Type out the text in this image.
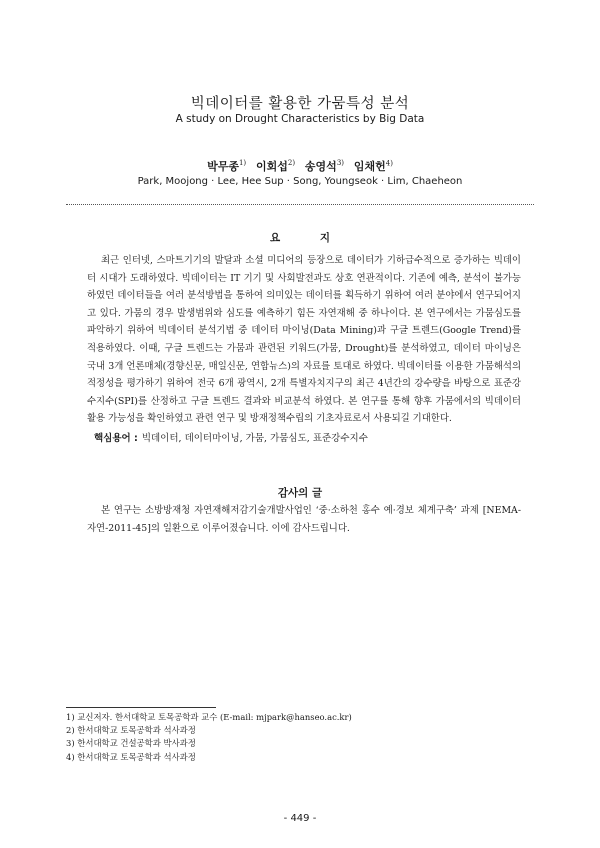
빅데이터를 활용한 가뭄특성 분석
A study on Drought Characteristics by Big Data
박무종$^{1)}$ 이회섭$^{2)}$ 송영석$^{3)}$ 임채헌$^{4)}$
Park, Moojong · Lee, Hee Sup · Song, Youngseok · Lim, Chaeheon
요 지

최근 인터넷, 스마트기기의 발달과 소셜 미디어의 등장으로 데이터가 기하급수적으로 증가하는 빅데이터 시대가 도래하였다. 빅데이터는 IT 기기 및 사회발전과도 상호 연관적이다. 기존에 예측, 분석이 불가능하였던 데이터들을 여러 분석방법을 통하여 의미있는 데이터를 획득하기 위하여 여러 분야에서 연구되어지고 있다. 가뭄의 경우 발생범위와 심도를 예측하기 힘든 자연재해 중 하나이다. 본 연구에서는 가뭄심도를 파악하기 위하여 빅데이터 분석기법 중 데이터 마이닝(Data Mining)과 구글 트렌드(Google Trend)를 적용하였다. 이때, 구글 트렌드는 가뭄과 관련된 키워드(가뭄, Drought)를 분석하였고, 데이터 마이닝은 국내 3개 언론매체(경향신문, 매일신문, 연합뉴스)의 자료를 토대로 하였다. 빅데이터를 이용한 가뭄해석의 적정성을 평가하기 위하여 전국 6개 광역시, 2개 특별자치지구의 최근 4년간의 강수량을 바탕으로 표준강수지수(SPI)를 산정하고 구글 트렌드 결과와 비교분석 하였다. 본 연구를 통해 향후 가뭄에서의 빅데이터 활용 가능성을 확인하였고 관련 연구 및 방재정책수립의 기초자료로서 사용되길 기대한다.

핵심용어 : 빅데이터, 데이터마이닝, 가뭄, 가뭄심도, 표준강수지수
감사의 글

본 연구는 소방방재청 자연재해저감기술개발사업인 ‘중·소하천 홍수 예·경보 체계구축’ 과제 [NEMA-자연-2011-45]의 일환으로 이루어졌습니다. 이에 감사드립니다.

1) 교신저자. 한서대학교 토목공학과 교수 (E-mail: mjpark@hanseo.ac.kr)
2) 한서대학교 토목공학과 석사과정
3) 한서대학교 건설공학과 박사과정
4) 한서대학교 토목공학과 석사과정
- 449 -
